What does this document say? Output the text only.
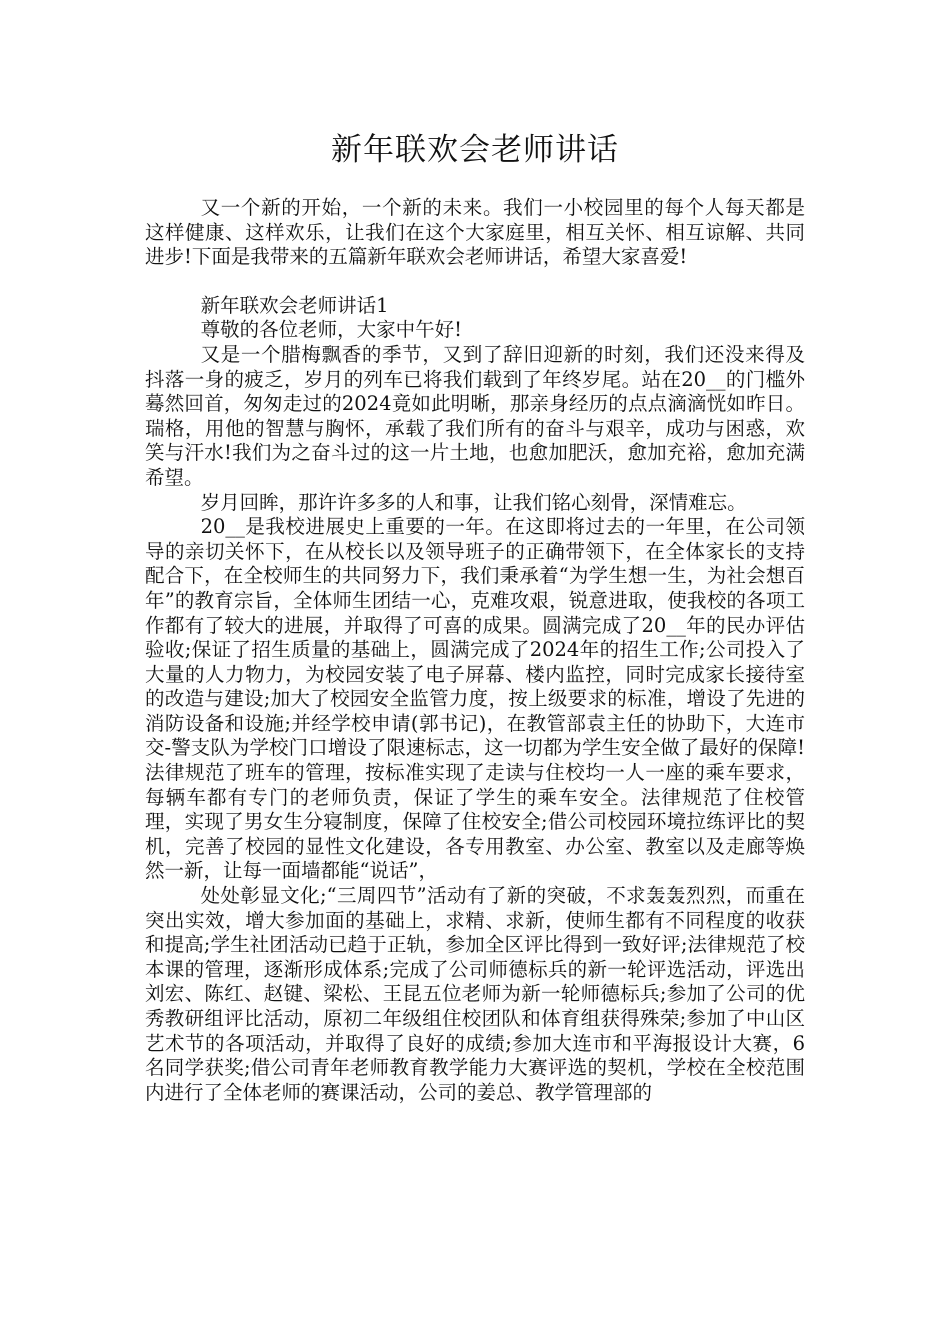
新年联欢会老师讲话

又一个新的开始，一个新的未来。我们一小校园里的每个人每天都是这样健康、这样欢乐，让我们在这个大家庭里，相互关怀、相互谅解、共同进步!下面是我带来的五篇新年联欢会老师讲话，希望大家喜爱!

新年联欢会老师讲话1

尊敬的各位老师，大家中午好!

又是一个腊梅飘香的季节，又到了辞旧迎新的时刻，我们还没来得及抖落一身的疲乏，岁月的列车已将我们载到了年终岁尾。站在20__的门槛外蓦然回首，匆匆走过的2024竟如此明晰，那亲身经历的点点滴滴恍如昨日。瑞格，用他的智慧与胸怀，承载了我们所有的奋斗与艰辛，成功与困惑，欢笑与汗水!我们为之奋斗过的这一片土地，也愈加肥沃，愈加充裕，愈加充满希望。

岁月回眸，那许许多多的人和事，让我们铭心刻骨，深情难忘。

20__是我校进展史上重要的一年。在这即将过去的一年里，在公司领导的亲切关怀下，在从校长以及领导班子的正确带领下，在全体家长的支持配合下，在全校师生的共同努力下，我们秉承着“为学生想一生，为社会想百年”的教育宗旨，全体师生团结一心，克难攻艰，锐意进取，使我校的各项工作都有了较大的进展，并取得了可喜的成果。圆满完成了20__年的民办评估验收;保证了招生质量的基础上，圆满完成了2024年的招生工作;公司投入了大量的人力物力，为校园安装了电子屏幕、楼内监控，同时完成家长接待室的改造与建设;加大了校园安全监管力度，按上级要求的标准，增设了先进的消防设备和设施;并经学校申请(郭书记)，在教管部袁主任的协助下，大连市交-警支队为学校门口增设了限速标志，这一切都为学生安全做了最好的保障!法律规范了班车的管理，按标准实现了走读与住校均一人一座的乘车要求，每辆车都有专门的老师负责，保证了学生的乘车安全。法律规范了住校管理，实现了男女生分寝制度，保障了住校安全;借公司校园环境拉练评比的契机，完善了校园的显性文化建设，各专用教室、办公室、教室以及走廊等焕然一新，让每一面墙都能“说话”，

处处彰显文化;“三周四节”活动有了新的突破，不求轰轰烈烈，而重在突出实效，增大参加面的基础上，求精、求新，使师生都有不同程度的收获和提高;学生社团活动已趋于正轨，参加全区评比得到一致好评;法律规范了校本课的管理，逐渐形成体系;完成了公司师德标兵的新一轮评选活动，评选出刘宏、陈红、赵键、梁松、王昆五位老师为新一轮师德标兵;参加了公司的优秀教研组评比活动，原初二年级组住校团队和体育组获得殊荣;参加了中山区艺术节的各项活动，并取得了良好的成绩;参加大连市和平海报设计大赛，6名同学获奖;借公司青年老师教育教学能力大赛评选的契机，学校在全校范围内进行了全体老师的赛课活动，公司的姜总、教学管理部的
